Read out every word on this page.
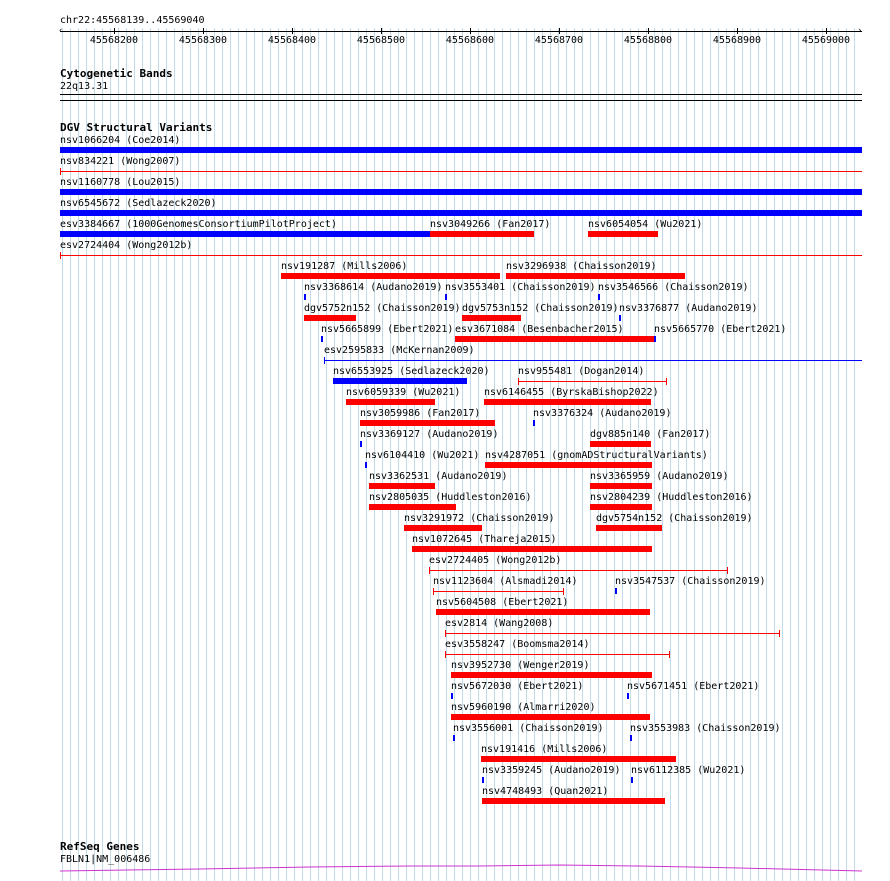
chr22:45568139..45569040
‹	›
45568200	45568300	45568400	45568500	45568600	45568700	45568800	45568900	45569000
Cytogenetic Bands
22q13.31
DGV Structural Variants
nsv1066204 (Coe2014)
nsv834221 (Wong2007)
nsv1160778 (Lou2015)
nsv6545672 (Sedlazeck2020)
esv3384667 (1000GenomesConsortiumPilotProject)	nsv3049266 (Fan2017)	nsv6054054 (Wu2021)
esv2724404 (Wong2012b)
nsv191287 (Mills2006)	nsv3296938 (Chaisson2019)
nsv3368614 (Audano2019) nsv3553401 (Chaisson2019) nsv3546566 (Chaisson2019)
dgv5752n152 (Chaisson2019) dgv5753n152 (Chaisson2019) nsv3376877 (Audano2019)
nsv5665899 (Ebert2021) esv3671084 (Besenbacher2015)	nsv5665770 (Ebert2021)
esv2595833 (McKernan2009)
nsv6553925 (Sedlazeck2020)	nsv955481 (Dogan2014)
nsv6059339 (Wu2021) nsv6146455 (ByrskaBishop2022)
nsv3059986 (Fan2017)	nsv3376324 (Audano2019)
nsv3369127 (Audano2019)	dgv885n140 (Fan2017)
nsv6104410 (Wu2021) nsv4287051 (gnomADStructuralVariants)
nsv3362531 (Audano2019)	nsv3365959 (Audano2019)
nsv2805035 (Huddleston2016)	nsv2804239 (Huddleston2016)
nsv3291972 (Chaisson2019)	dgv5754n152 (Chaisson2019)
nsv1072645 (Thareja2015)
esv2724405 (Wong2012b)
nsv1123604 (Alsmadi2014)	nsv3547537 (Chaisson2019)
nsv5604508 (Ebert2021)
esv2814 (Wang2008)
esv3558247 (Boomsma2014)
nsv3952730 (Wenger2019)
nsv5672030 (Ebert2021)	nsv5671451 (Ebert2021)
nsv5960190 (Almarri2020)
nsv3556001 (Chaisson2019)	nsv3553983 (Chaisson2019)
nsv191416 (Mills2006)
nsv3359245 (Audano2019) nsv6112385 (Wu2021)
nsv4748493 (Quan2021)
RefSeq Genes
FBLN1|NM_006486
